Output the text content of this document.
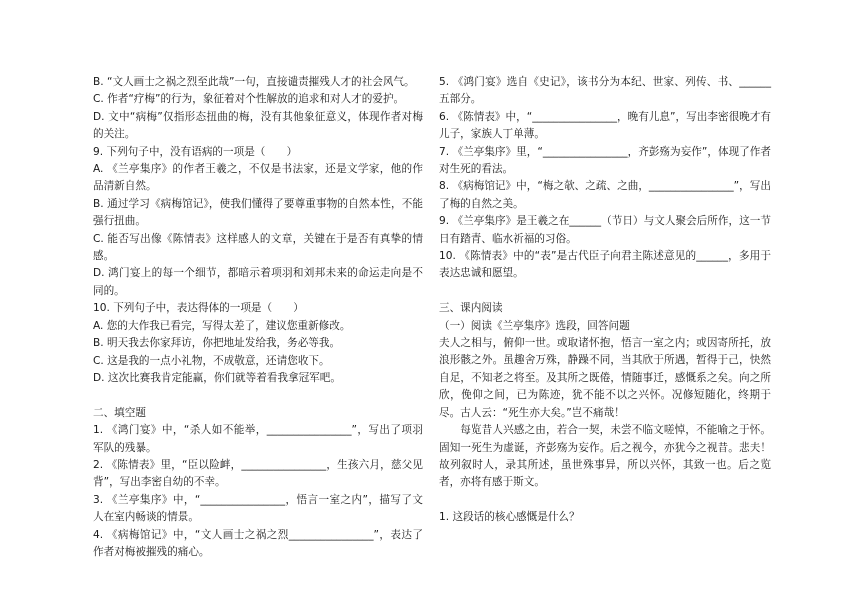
B. “文人画士之祸之烈至此哉”一句，直接谴责摧残人才的社会风气。

C. 作者“疗梅”的行为，象征着对个性解放的追求和对人才的爱护。

D. 文中“病梅”仅指形态扭曲的梅，没有其他象征意义，体现作者对梅的关注。

9. 下列句子中，没有语病的一项是（　　）

A. 《兰亭集序》的作者王羲之，不仅是书法家，还是文学家，他的作品清新自然。

B. 通过学习《病梅馆记》，使我们懂得了要尊重事物的自然本性，不能强行扭曲。

C. 能否写出像《陈情表》这样感人的文章，关键在于是否有真挚的情感。

D. 鸿门宴上的每一个细节，都暗示着项羽和刘邦未来的命运走向是不同的。

10. 下列句子中，表达得体的一项是（　　）

A. 您的大作我已看完，写得太差了，建议您重新修改。

B. 明天我去你家拜访，你把地址发给我，务必等我。

C. 这是我的一点小礼物，不成敬意，还请您收下。

D. 这次比赛我肯定能赢，你们就等着看我拿冠军吧。

二、填空题

1. 《鸿门宴》中，“杀人如不能举，________________”，写出了项羽军队的残暴。

2. 《陈情表》里，“臣以险衅，________________，生孩六月，慈父见背”，写出李密自幼的不幸。

3. 《兰亭集序》中，“________________，悟言一室之内”，描写了文人在室内畅谈的情景。

4. 《病梅馆记》中，“文人画士之祸之烈________________”，表达了作者对梅被摧残的痛心。

5. 《鸿门宴》选自《史记》，该书分为本纪、世家、列传、书、______五部分。

6. 《陈情表》中，“________________，晚有儿息”，写出李密很晚才有儿子，家族人丁单薄。

7. 《兰亭集序》里，“________________，齐彭殇为妄作”，体现了作者对生死的看法。

8. 《病梅馆记》中，“梅之欹、之疏、之曲，________________”，写出了梅的自然之美。

9. 《兰亭集序》是王羲之在______（节日）与文人聚会后所作，这一节日有踏青、临水祈福的习俗。

10. 《陈情表》中的“表”是古代臣子向君主陈述意见的______，多用于表达忠诚和愿望。

三、课内阅读

（一）阅读《兰亭集序》选段，回答问题

夫人之相与，俯仰一世。或取诸怀抱，悟言一室之内；或因寄所托，放浪形骸之外。虽趣舍万殊，静躁不同，当其欣于所遇，暂得于己，快然自足，不知老之将至。及其所之既倦，情随事迁，感慨系之矣。向之所欣，俛仰之间，已为陈迹，犹不能不以之兴怀。况修短随化，终期于尽。古人云：“死生亦大矣。”岂不痛哉！

每览昔人兴感之由，若合一契，未尝不临文嗟悼，不能喻之于怀。固知一死生为虚诞，齐彭殇为妄作。后之视今，亦犹今之视昔。悲夫！故列叙时人，录其所述，虽世殊事异，所以兴怀，其致一也。后之览者，亦将有感于斯文。

1. 这段话的核心感慨是什么？
